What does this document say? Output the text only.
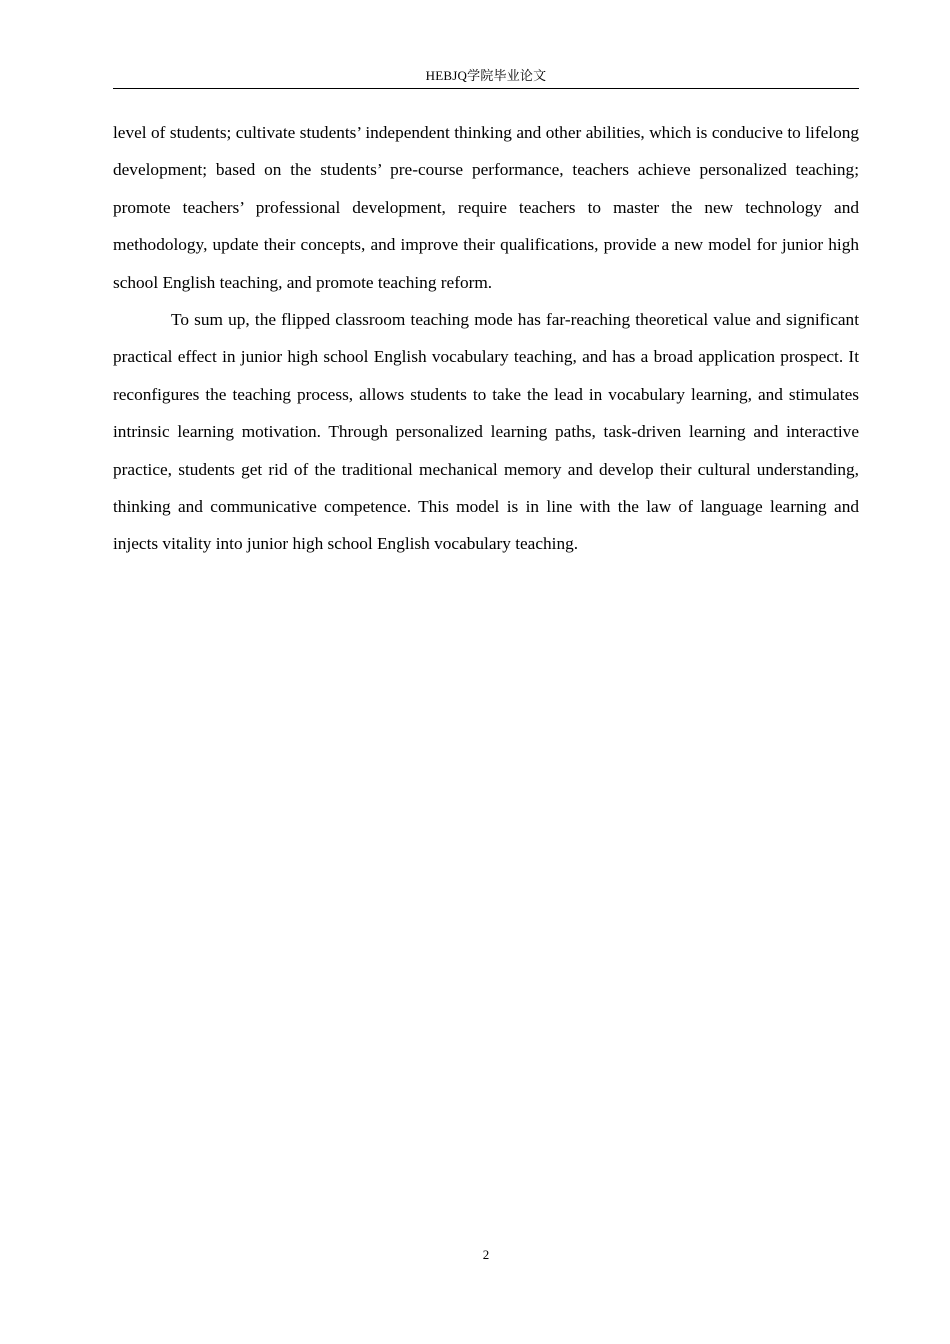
HEBJQ学院毕业论文

level of students; cultivate students’ independent thinking and other abilities, which is conducive to lifelong development; based on the students’ pre-course performance, teachers achieve personalized teaching; promote teachers’ professional development, require teachers to master the new technology and methodology, update their concepts, and improve their qualifications, provide a new model for junior high school English teaching, and promote teaching reform.

To sum up, the flipped classroom teaching mode has far-reaching theoretical value and significant practical effect in junior high school English vocabulary teaching, and has a broad application prospect. It reconfigures the teaching process, allows students to take the lead in vocabulary learning, and stimulates intrinsic learning motivation. Through personalized learning paths, task-driven learning and interactive practice, students get rid of the traditional mechanical memory and develop their cultural understanding, thinking and communicative competence. This model is in line with the law of language learning and injects vitality into junior high school English vocabulary teaching.

2
